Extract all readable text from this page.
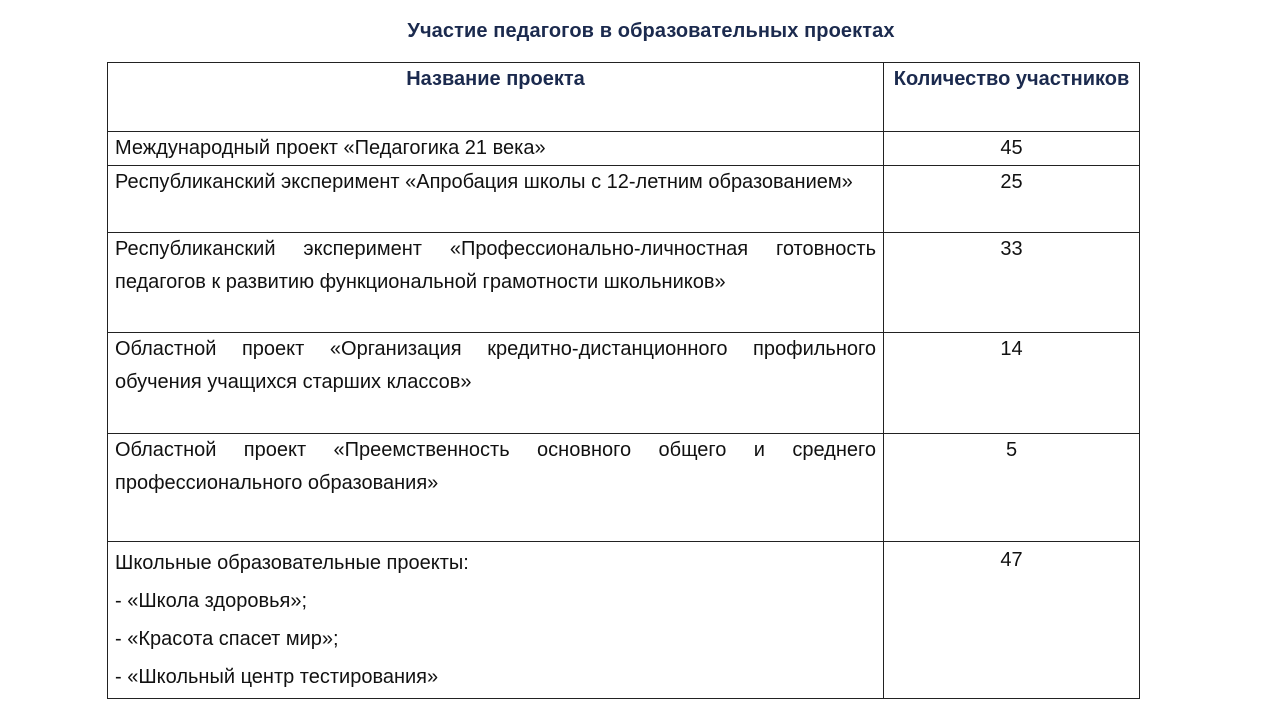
Участие педагогов в образовательных проектах
Название проекта	Количество участников
Международный проект «Педагогика 21 века»	45
Республиканский эксперимент «Апробация школы с 12-летним образованием»	25
Республиканский эксперимент «Профессионально-личностная готовность педагогов к развитию функциональной грамотности школьников»	33
Областной проект «Организация кредитно-дистанционного профильного обучения учащихся старших классов»	14
Областной проект «Преемственность основного общего и среднего профессионального образования»	5

Школьные образовательные проекты:
- «Школа здоровья»;
- «Красота спасет мир»;
- «Школьный центр тестирования»	47
